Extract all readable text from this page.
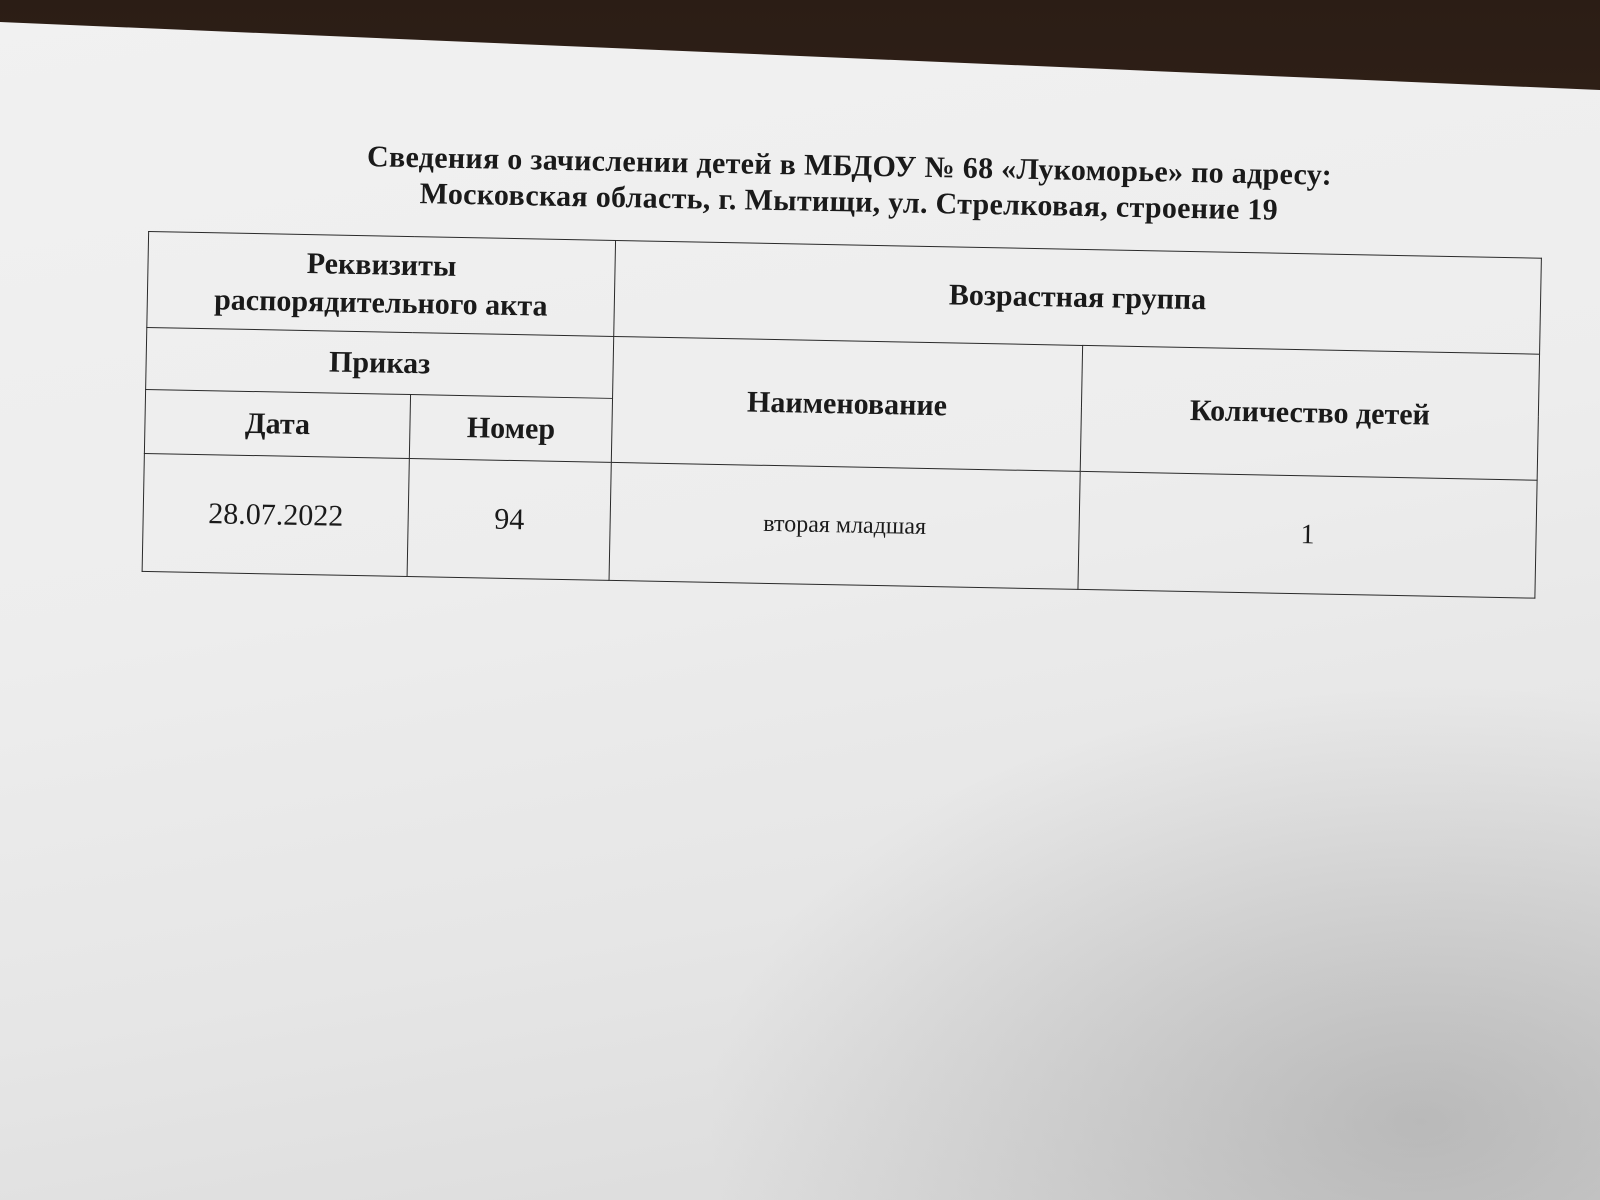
Сведения о зачислении детей в МБДОУ № 68 «Лукоморье» по адресу:
Московская область, г. Мытищи, ул. Стрелковая, строение 19
Реквизиты
распорядительного акта		Возрастная группа	
Приказ		Наименование	Количество детей
Дата	Номер		
28.07.2022	94	вторая младшая	1
